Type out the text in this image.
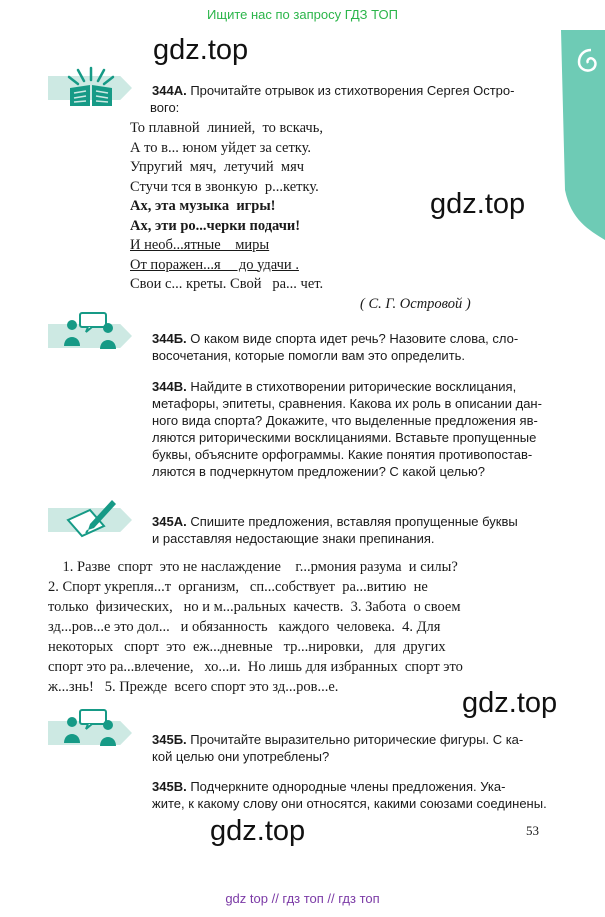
Ищите нас по запросу ГДЗ ТОП
gdz.top
gdz.top
gdz.top
gdz.top
344А. Прочитайте отрывок из стихотворения Сергея Остро-
вого:
То плавной  линией,  то вскачь,
А то в... юном уйдет за сетку.
Упругий  мяч,  летучий  мяч
Стучи тся в звонкую  р...кетку.
Ах, эта музыка  игры!
Ах, эти ро...черки подачи!
И необ...ятные    миры
От поражен...я     до удачи .
Свои с... креты. Свой   ра... чет.
( С. Г. Островой )
344Б. О каком виде спорта идет речь? Назовите слова, сло-
восочетания, которые помогли вам это определить.
344В. Найдите в стихотворении риторические восклицания,
метафоры, эпитеты, сравнения. Какова их роль в описании дан-
ного вида спорта? Докажите, что выделенные предложения яв-
ляются риторическими восклицаниями. Вставьте пропущенные
буквы, объясните орфограммы. Какие понятия противопостав-
ляются в подчеркнутом предложении? С какой целью?
345А. Спишите предложения, вставляя пропущенные буквы
и расставляя недостающие знаки препинания.
1. Разве  спорт  это не наслаждение    г...рмония разума  и силы?
2. Спорт укрепля...т  организм,   сп...собствует  ра...витию  не
только  физических,   но и м...ральных  качеств.  3. Забота  о своем
зд...ров...е это дол...   и обязанность   каждого  человека.  4. Для
некоторых   спорт  это  еж...дневные   тр...нировки,   для  других
спорт это ра...влечение,   хо...и.  Но лишь для избранных  спорт это
ж...знь!   5. Прежде  всего спорт это зд...ров...е.
345Б. Прочитайте выразительно риторические фигуры. С ка-
кой целью они употреблены?
345В. Подчеркните однородные члены предложения. Ука-
жите, к какому слову они относятся, какими союзами соединены.
53
gdz top // гдз топ // гдз топ
